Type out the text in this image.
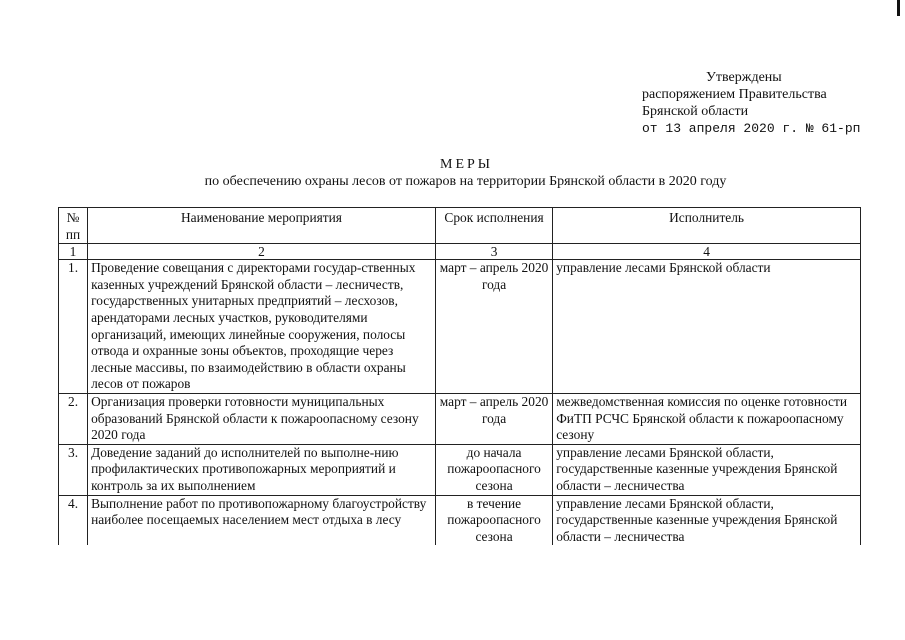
Утверждены
распоряжением Правительства
Брянской области
от 13 апреля 2020 г. № 61-рп
МЕРЫ
по обеспечению охраны лесов от пожаров на территории Брянской области в 2020 году
№ пп	Наименование мероприятия	Срок исполнения	Исполнитель
1	2	3	4
1.	Проведение совещания с директорами государ-ственных казенных учреждений Брянской области – лесничеств, государственных унитарных предприятий – лесхозов, арендаторами лесных участков, руководителями организаций, имеющих линейные сооружения, полосы отвода и охранные зоны объектов, проходящие через лесные массивы, по взаимодействию в области охраны лесов от пожаров	март – апрель 2020 года	управление лесами Брянской области
2.	Организация проверки готовности муниципальных образований Брянской области к пожароопасному сезону 2020 года	март – апрель 2020 года	межведомственная комиссия по оценке готовности ФиТП РСЧС Брянской области к пожароопасному сезону
3.	Доведение заданий до исполнителей по выполне-нию профилактических противопожарных мероприятий и контроль за их выполнением	до начала пожароопасного сезона	управление лесами Брянской области, государственные казенные учреждения Брянской области – лесничества
4.	Выполнение работ по противопожарному благоустройству наиболее посещаемых населением мест отдыха в лесу	в течение пожароопасного сезона	управление лесами Брянской области, государственные казенные учреждения Брянской области – лесничества
